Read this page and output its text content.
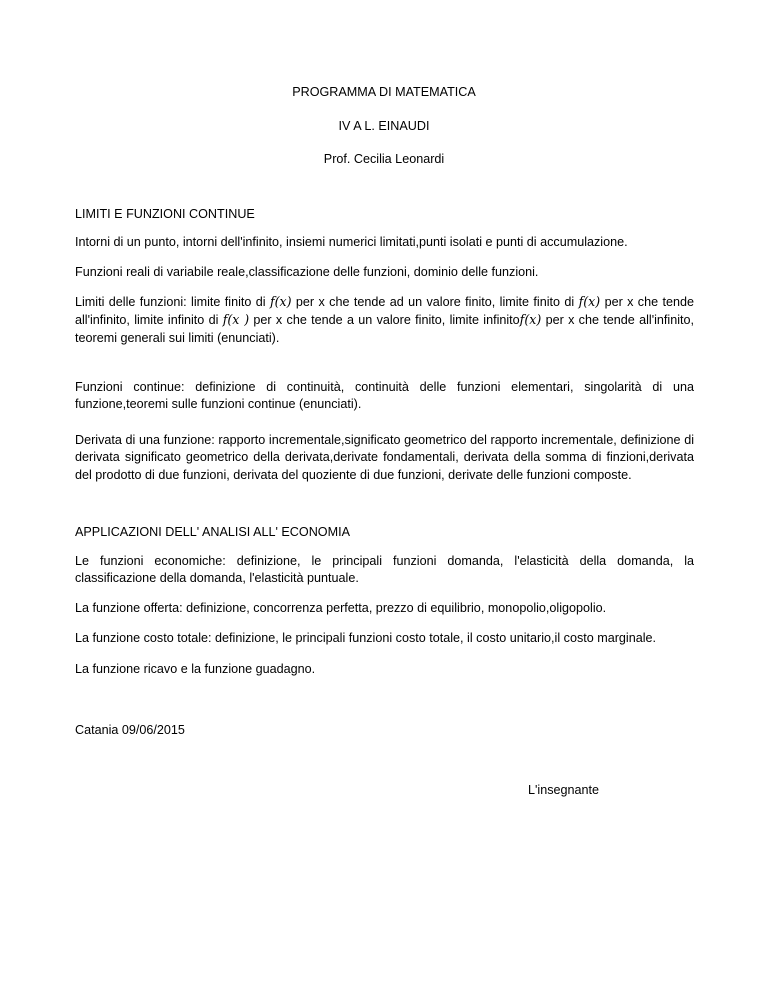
PROGRAMMA DI MATEMATICA
IV A L. EINAUDI
Prof. Cecilia Leonardi
LIMITI E FUNZIONI CONTINUE
Intorni di un punto, intorni dell'infinito, insiemi numerici limitati,punti isolati e punti di accumulazione.
Funzioni reali di variabile reale,classificazione delle funzioni, dominio delle funzioni.
Limiti delle funzioni: limite finito di f(x) per x che tende ad un valore finito, limite finito di f(x) per x che tende all'infinito, limite infinito di f(x ) per x che tende a un valore finito, limite infinitof(x) per x che tende all'infinito, teoremi generali sui limiti (enunciati).
Funzioni continue: definizione di continuità, continuità delle funzioni elementari, singolarità di una funzione,teoremi sulle funzioni continue (enunciati).
Derivata di una funzione: rapporto incrementale,significato geometrico del rapporto incrementale, definizione di derivata significato geometrico della derivata,derivate fondamentali, derivata della somma di finzioni,derivata del prodotto di due funzioni, derivata del quoziente di due funzioni, derivate delle funzioni composte.
APPLICAZIONI DELL' ANALISI ALL' ECONOMIA
Le funzioni economiche: definizione, le principali funzioni domanda, l'elasticità della domanda, la classificazione della domanda, l'elasticità puntuale.
La funzione offerta: definizione, concorrenza perfetta, prezzo di equilibrio, monopolio,oligopolio.
La funzione costo totale: definizione, le principali funzioni costo totale, il costo unitario,il costo marginale.
La funzione ricavo e la funzione guadagno.
Catania 09/06/2015
L'insegnante
